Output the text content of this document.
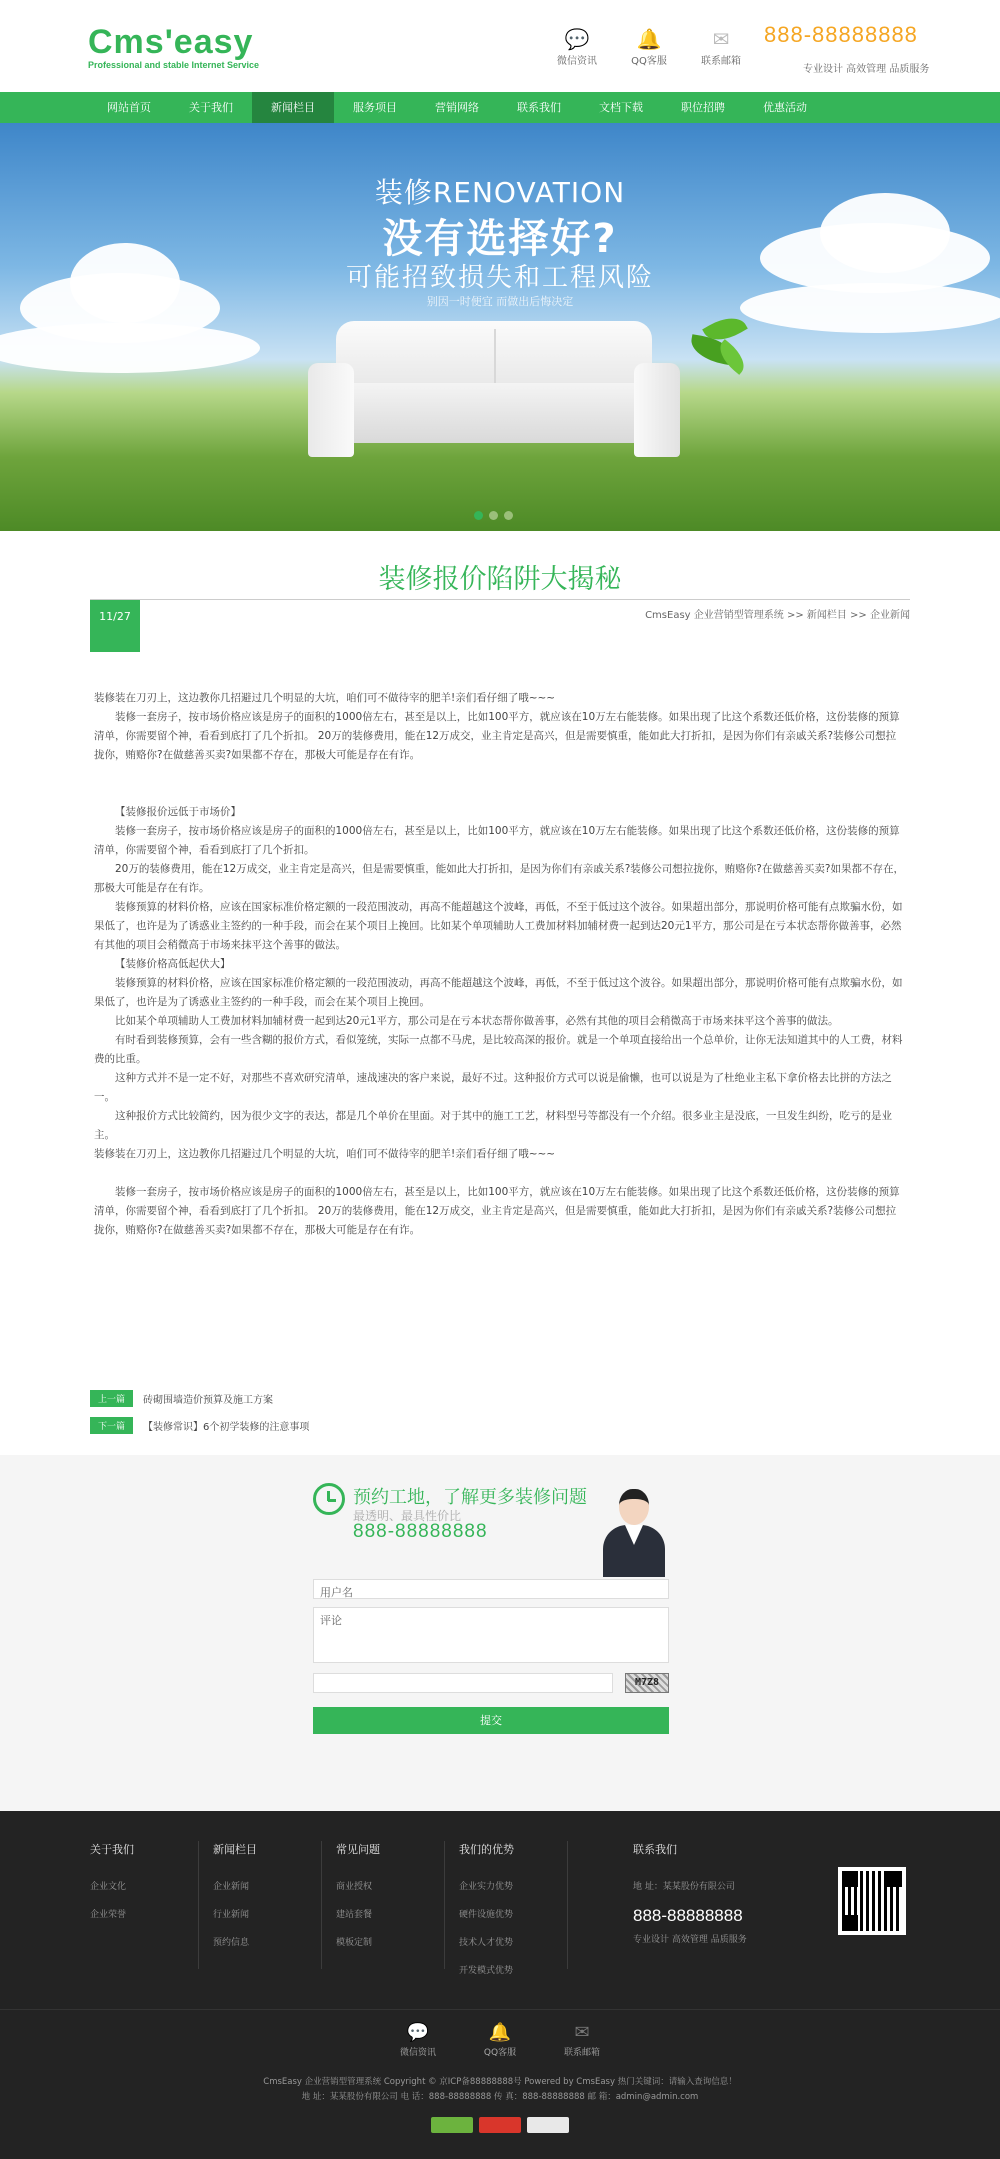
Cms'easy
Professional and stable Internet Service
💬
微信资讯
🔔
QQ客服
✉
联系邮箱
888-88888888
专业设计 高效管理 品质服务
网站首页	关于我们	新闻栏目	服务项目	营销网络	联系我们	文档下载	职位招聘	优惠活动
装修RENOVATION
没有选择好?
可能招致损失和工程风险
别因一时便宜 而做出后悔决定
装修报价陷阱大揭秘
11/27	CmsEasy 企业营销型管理系统 >> 新闻栏目 >> 企业新闻

装修装在刀刃上，这边教你几招避过几个明显的大坑，咱们可不做待宰的肥羊!亲们看仔细了哦~~~

装修一套房子，按市场价格应该是房子的面积的1000倍左右，甚至是以上，比如100平方，就应该在10万左右能装修。如果出现了比这个系数还低价格，这份装修的预算清单，你需要留个神，看看到底打了几个折扣。 20万的装修费用，能在12万成交，业主肯定是高兴，但是需要慎重，能如此大打折扣，是因为你们有亲戚关系?装修公司想拉拢你，贿赂你?在做慈善买卖?如果都不存在，那极大可能是存在有诈。

【装修报价远低于市场价】

装修一套房子，按市场价格应该是房子的面积的1000倍左右，甚至是以上，比如100平方，就应该在10万左右能装修。如果出现了比这个系数还低价格，这份装修的预算清单，你需要留个神，看看到底打了几个折扣。

20万的装修费用，能在12万成交，业主肯定是高兴，但是需要慎重，能如此大打折扣，是因为你们有亲戚关系?装修公司想拉拢你，贿赂你?在做慈善买卖?如果都不存在，那极大可能是存在有诈。

装修预算的材料价格，应该在国家标准价格定额的一段范围波动，再高不能超越这个波峰，再低，不至于低过这个波谷。如果超出部分，那说明价格可能有点欺骗水份，如果低了，也许是为了诱惑业主签约的一种手段，而会在某个项目上挽回。比如某个单项辅助人工费加材料加辅材费一起到达20元1平方，那公司是在亏本状态帮你做善事，必然有其他的项目会稍微高于市场来抹平这个善事的做法。

【装修价格高低起伏大】

装修预算的材料价格，应该在国家标准价格定额的一段范围波动，再高不能超越这个波峰，再低，不至于低过这个波谷。如果超出部分，那说明价格可能有点欺骗水份，如果低了，也许是为了诱惑业主签约的一种手段，而会在某个项目上挽回。

比如某个单项辅助人工费加材料加辅材费一起到达20元1平方，那公司是在亏本状态帮你做善事，必然有其他的项目会稍微高于市场来抹平这个善事的做法。

有时看到装修预算，会有一些含糊的报价方式，看似笼统，实际一点都不马虎，是比较高深的报价。就是一个单项直接给出一个总单价，让你无法知道其中的人工费，材料费的比重。

这种方式并不是一定不好，对那些不喜欢研究清单，速战速决的客户来说，最好不过。这种报价方式可以说是偷懒，也可以说是为了杜绝业主私下拿价格去比拼的方法之一。

这种报价方式比较简约，因为很少文字的表达，都是几个单价在里面。对于其中的施工工艺，材料型号等都没有一个介绍。很多业主是没底，一旦发生纠纷，吃亏的是业主。

装修装在刀刃上，这边教你几招避过几个明显的大坑，咱们可不做待宰的肥羊!亲们看仔细了哦~~~

装修一套房子，按市场价格应该是房子的面积的1000倍左右，甚至是以上，比如100平方，就应该在10万左右能装修。如果出现了比这个系数还低价格，这份装修的预算清单，你需要留个神，看看到底打了几个折扣。 20万的装修费用，能在12万成交，业主肯定是高兴，但是需要慎重，能如此大打折扣，是因为你们有亲戚关系?装修公司想拉拢你，贿赂你?在做慈善买卖?如果都不存在，那极大可能是存在有诈。

上一篇	砖砌围墙造价预算及施工方案
下一篇	【装修常识】6个初学装修的注意事项
预约工地，了解更多装修问题
最透明、最具性价比
888-88888888
用户名
评论
M7Z8
提交
关于我们
企业文化
企业荣誉
新闻栏目
企业新闻
行业新闻
预约信息
常见问题
商业授权
建站套餐
模板定制
我们的优势
企业实力优势
硬件设施优势
技术人才优势
开发模式优势
联系我们
地 址：某某股份有限公司
888-88888888
专业设计 高效管理 品质服务
💬
微信资讯
🔔
QQ客服
✉
联系邮箱
CmsEasy 企业营销型管理系统 Copyright © 京ICP备88888888号 Powered by CmsEasy 热门关键词：请输入查询信息！
地 址：某某股份有限公司 电 话：888-88888888 传 真：888-88888888 邮 箱：admin@admin.com
